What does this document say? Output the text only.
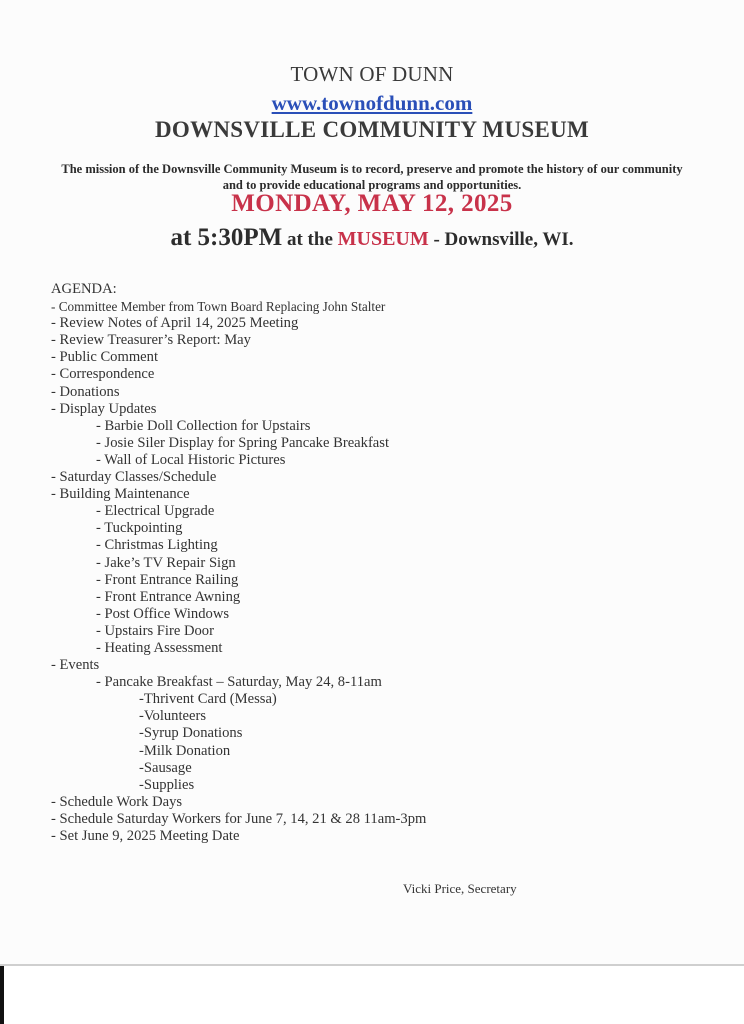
TOWN OF DUNN
www.townofdunn.com
DOWNSVILLE COMMUNITY MUSEUM
The mission of the Downsville Community Museum is to record, preserve and promote the history of our community and to provide educational programs and opportunities.
MONDAY, MAY 12, 2025
at 5:30PM at the MUSEUM - Downsville, WI.
AGENDA:
- Committee Member from Town Board Replacing John Stalter
- Review Notes of April 14, 2025 Meeting
- Review Treasurer’s Report: May
- Public Comment
- Correspondence
- Donations
- Display Updates
- Barbie Doll Collection for Upstairs
- Josie Siler Display for Spring Pancake Breakfast
- Wall of Local Historic Pictures
- Saturday Classes/Schedule
- Building Maintenance
- Electrical Upgrade
- Tuckpointing
- Christmas Lighting
- Jake’s TV Repair Sign
- Front Entrance Railing
- Front Entrance Awning
- Post Office Windows
- Upstairs Fire Door
- Heating Assessment
- Events
- Pancake Breakfast – Saturday, May 24, 8-11am
-Thrivent Card (Messa)
-Volunteers
-Syrup Donations
-Milk Donation
-Sausage
-Supplies
- Schedule Work Days
- Schedule Saturday Workers for June 7, 14, 21 & 28 11am-3pm
- Set June 9, 2025 Meeting Date
Vicki Price, Secretary
